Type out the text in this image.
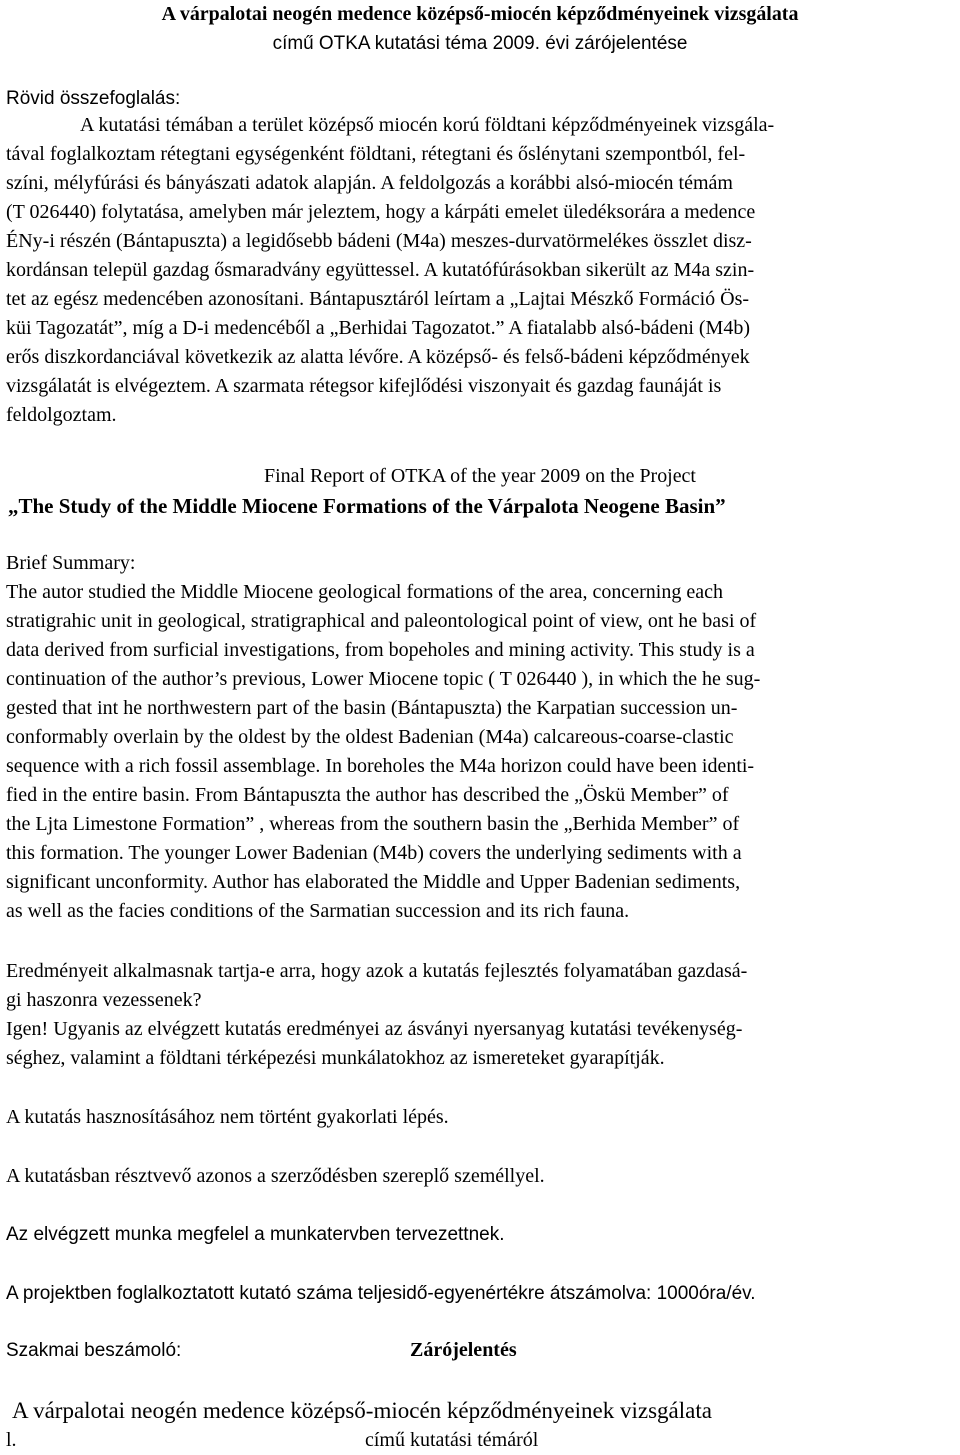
A várpalotai neogén medence középső-miocén képződményeinek vizsgálata
című OTKA kutatási téma 2009. évi zárójelentése
Rövid összefoglalás:
A kutatási témában a terület középső miocén korú földtani képződményeinek vizsgála-
tával foglalkoztam rétegtani egységenként földtani, rétegtani és őslénytani szempontból, fel-
színi, mélyfúrási és bányászati adatok alapján. A feldolgozás a korábbi alsó-miocén témám
(T 026440) folytatása, amelyben már jeleztem, hogy a kárpáti emelet üledéksorára a medence
ÉNy-i részén (Bántapuszta) a legidősebb bádeni (M4a) meszes-durvatörmelékes összlet disz-
kordánsan települ gazdag ősmaradvány együttessel. A kutatófúrásokban sikerült az M4a szin-
tet az egész medencében azonosítani. Bántapusztáról leírtam a „Lajtai Mészkő Formáció Ös-
küi Tagozatát”, míg a D-i medencéből a „Berhidai Tagozatot.” A fiatalabb alsó-bádeni (M4b)
erős diszkordanciával következik az alatta lévőre. A középső- és felső-bádeni képződmények
vizsgálatát is elvégeztem. A szarmata rétegsor kifejlődési viszonyait és gazdag faunáját is
feldolgoztam.
Final Report of OTKA of the year 2009 on the Project
„The Study of the Middle Miocene Formations of the Várpalota Neogene Basin”
Brief Summary:
The autor studied the Middle Miocene geological formations of the area, concerning each
stratigrahic unit in geological, stratigraphical and paleontological point of view, ont he basi of
data derived from surficial investigations, from bopeholes and mining activity. This study is a
continuation of the author’s previous, Lower Miocene topic ( T 026440 ), in which the he sug-
gested that int he northwestern part of the basin (Bántapuszta) the Karpatian succession un-
conformably overlain by the oldest by the oldest Badenian (M4a) calcareous-coarse-clastic
sequence with a rich fossil assemblage. In boreholes the M4a horizon could have been identi-
fied in the entire basin. From Bántapuszta the author has described the „Öskü Member” of
the Ljta Limestone Formation” , whereas from the southern basin the „Berhida Member” of
this formation. The younger Lower Badenian (M4b) covers the underlying sediments with a
significant unconformity. Author has elaborated the Middle and Upper Badenian sediments,
as well as the facies conditions of the Sarmatian succession and its rich fauna.
Eredményeit alkalmasnak tartja-e arra, hogy azok a kutatás fejlesztés folyamatában gazdasá-
gi haszonra vezessenek?
Igen! Ugyanis az elvégzett kutatás eredményei az ásványi nyersanyag kutatási tevékenység-
séghez, valamint a földtani térképezési munkálatokhoz az ismereteket gyarapítják.
A kutatás hasznosításához nem történt gyakorlati lépés.
A kutatásban résztvevő azonos a szerződésben szereplő személlyel.
Az elvégzett munka megfelel a munkatervben tervezettnek.
A projektben foglalkoztatott kutató száma teljesidő-egyenértékre átszámolva: 1000óra/év.
Szakmai beszámoló:	Zárójelentés
A várpalotai neogén medence középső-miocén képződményeinek vizsgálata
l.	című kutatási témáról
